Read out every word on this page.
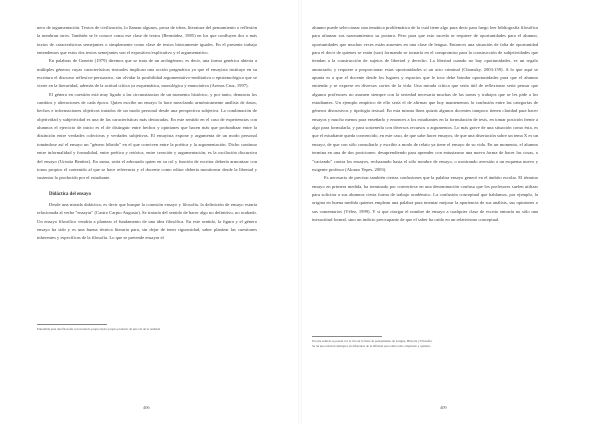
nero de argumentación. Textos de civilización, lo llaman algunos, prosa de ideas, literatura del pensamiento o reflexión la nombran otros. También se le conoce como ese clase de textos (Bermúdez, 1985) en los que confluyen dos o más textos de características semejantes o simplemente como clase de textos básicamente iguales. En el presente trabajo entendemos que estos dos textos semejantes son el expositivo/explicativo y el argumentativo.

En palabras de Genette (1979) diremos que se trata de un archigénero, es decir, una forma genérica abierta a múltiples géneros cuyas características textuales implican una acción pragmática ya que el ensayista instituye en su escritura el discurso reflexivo-persuasivo, sin olvidar la posibilidad argumentativo-meditativa o epistemológica que se vierte en la literaridad, además de la actitud crítica ya esquemática, monológica y enunciativa (Arenas Cruz, 1997).

El género en cuestión está muy ligado a las circunstancias de un momento histórico, y por tanto, denuncia los cambios y alteraciones de cada época. Quien escribe un ensayo lo hace mezclando armónicamente análisis de datos, hechos e informaciones objetivas tratados de un modo personal desde una perspectiva subjetiva. La combinación de objetividad y subjetividad es una de las características más destacadas. En este sentido en el caso de experiencias con alumnos el ejercicio de inicio es el de distinguir entre hechos y opiniones que hacen más que profundizar entre la distinción entre verdades colectivas y verdades subjetivas. El ensayista expone y argumenta de un modo personal tomándose así el ensayo un "género híbrido" en el que conviven entre la poética y la argumentación. Dicho continuo entre informalidad y formalidad, entre poética y retórica, entre creación y argumentación, es la oscilación discursiva del ensayo (Urrutia Benítez). En suma, sería el adecuado quien en su rol y función de escritor debería armonizar con tonos propios el contenido al que se hace referencia y el docente como editor debería monitorear desde la libertad y sustentar lo producido por el estudiante.

Didáctica del ensayo

Desde una mirada didáctica, es decir que busque la conexión ensayo y filosofía, la definición de ensayo estaría relacionada al verbo "ensayar" (Castro Carpio Augusto). Se trataría del sentido de hacer algo no definitivo, no acabado. Un ensayo filosófico vendría a plantear el fundamento de una idea filosófica. En este sentido, la figura y el género ensayo ha sido y es una buena técnica literaria para, sin dejar de tener rigurosidad, saber plantear las cuestiones inherentes y específicas de la filosofía. Lo que se pretende ensayar el

Entendida para una filosofía con un modo propio típica propio producir de una vía de la realidad
406

alumno puede seleccionar una temática problemática de la cual tiene algo para decir para luego leer bibliografía filosófica para afianzar sus razonamientos su postura. Pero para que esto suceda se requiere de oportunidades para el alumno, oportunidades que muchas veces están ausentes en una clase de lengua. Entonces una situación de falta de oportunidad para el decir de quienes se están (son) formando se tornaría en el compromiso para la construcción de subjetividades que tiendan a la construcción de sujetos de libertad y derecho. La libertad cuando no hay oportunidades, es un regalo anunciado; y requiere a proporcionar estas oportunidades si un acto criminal (Chomsky, 2003:159). A lo que aquí se apunta es a que el docente desde los lugares y espacios que le toca debe brindar oportunidades para que el alumno entienda y se exprese en diversos cortes de la vida. Una mirada crítica que sería útil de reflexionar sería pensar que algunos profesores no asumen siempre con la seriedad necesaria muchas de las tareas y trabajos que se les pide a los estudiantes. Un ejemplo empírico de ello sería el de afirmar que hoy mantenemos la confusión entre las categorías de géneros discursivos y tipología textual. En esta misma línea quizás algunos docentes tampoco tienen claridad para hacer ensayos y mucho menos para enseñarlo y entonces a los estudiantes en la formulación de tesis, en tomar posición frente a algo para formularla, y para sostenerla con diversos recursos o argumentos. Lo más grave de una situación como ésta, es que el estudiante queda convencido, en este caso, de que sabe hacer ensayos, de que una disertación sobre un tema X es un ensayo, de que con sólo consultarlo y escribir a modo de relato ya tiene el ensayo de su vida. En un momento, el alumno termina en una de dos posiciones: desaprendiendo para aprender con entusiasmo una nueva forma de hacer las cosas, o "vaciando" contra los ensayos, rechazando hasta el sólo nombre de ensayo, o mostrando aversión a un esquema nuevo y exigente profesor (Alonzo Yepes, 2003).

Es necesario de precisar también ciertas confusiones que la palabra ensayo generó en el ámbito escolar. El término ensayo en primera medida, ha terminado por convertirse en una denominación confusa que los profesores suelen utilizar para solicitar a sus alumnos cierta forma de trabajo académico. La confusión conceptual que hablamos, por ejemplo, la origina en buena medida quienes emplean una palabra para intentar mejorar la apariencia de sus análisis, sus opiniones o sus comentarios (Vélez, 1999). Y si que otorgar el nombre de ensayo a cualquier clase de escrito entraría no sólo una inexactitud formal, sino un indicio preocupante de que el saber ha caído en un relativismo conceptual.

En este sentido se puede ver la cita de la línea de pensamiento de Lengua, Historia y Filosofía.
Se da una relación dialógica en diferentes de la difusión para entre texto, hipótesis y opinión.
409
